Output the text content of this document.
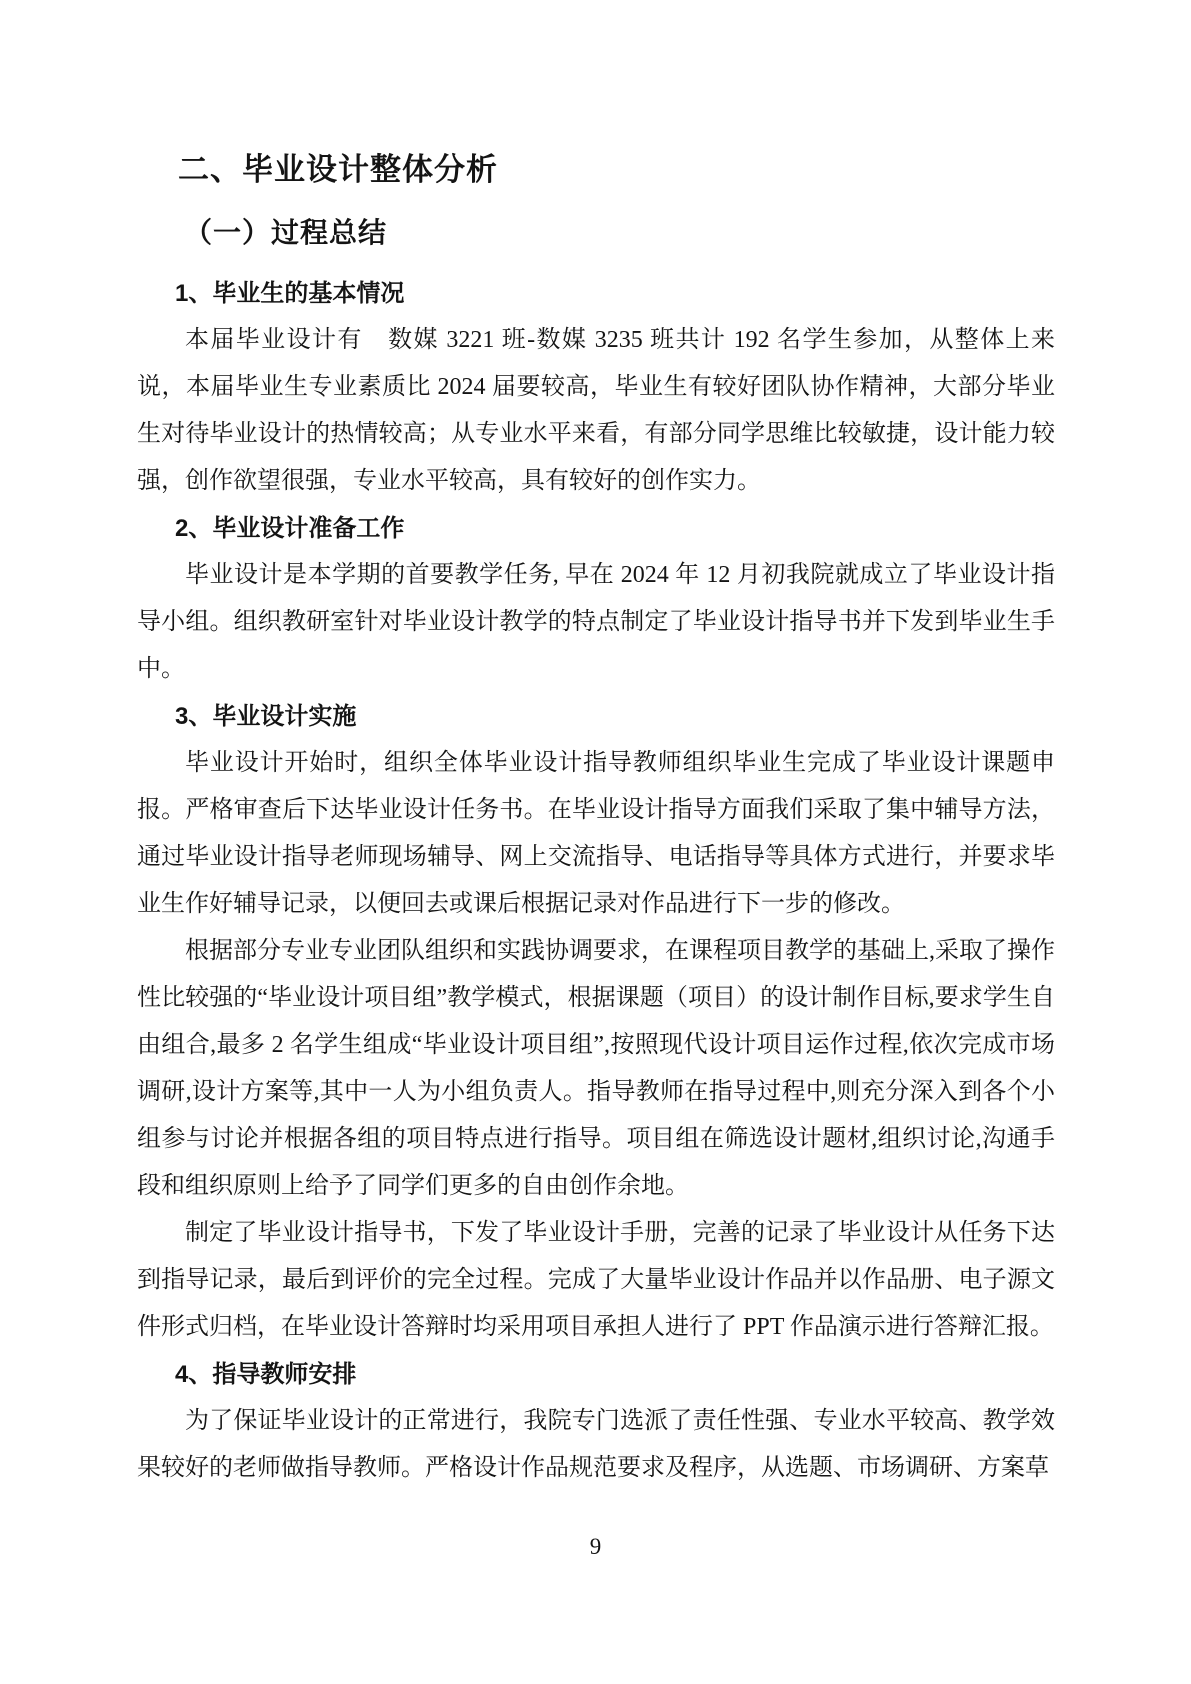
二、毕业设计整体分析
（一）过程总结
1、毕业生的基本情况

本届毕业设计有　数媒 3221 班-数媒 3235 班共计 192 名学生参加，从整体上来说，本届毕业生专业素质比 2024 届要较高，毕业生有较好团队协作精神，大部分毕业生对待毕业设计的热情较高；从专业水平来看，有部分同学思维比较敏捷，设计能力较强，创作欲望很强，专业水平较高，具有较好的创作实力。

2、毕业设计准备工作

毕业设计是本学期的首要教学任务, 早在 2024 年 12 月初我院就成立了毕业设计指导小组。组织教研室针对毕业设计教学的特点制定了毕业设计指导书并下发到毕业生手中。

3、毕业设计实施

毕业设计开始时，组织全体毕业设计指导教师组织毕业生完成了毕业设计课题申报。严格审查后下达毕业设计任务书。在毕业设计指导方面我们采取了集中辅导方法，通过毕业设计指导老师现场辅导、网上交流指导、电话指导等具体方式进行，并要求毕业生作好辅导记录，以便回去或课后根据记录对作品进行下一步的修改。

根据部分专业专业团队组织和实践协调要求，在课程项目教学的基础上,采取了操作性比较强的“毕业设计项目组”教学模式，根据课题（项目）的设计制作目标,要求学生自由组合,最多 2 名学生组成“毕业设计项目组”,按照现代设计项目运作过程,依次完成市场调研,设计方案等,其中一人为小组负责人。指导教师在指导过程中,则充分深入到各个小组参与讨论并根据各组的项目特点进行指导。项目组在筛选设计题材,组织讨论,沟通手段和组织原则上给予了同学们更多的自由创作余地。

制定了毕业设计指导书，下发了毕业设计手册，完善的记录了毕业设计从任务下达到指导记录，最后到评价的完全过程。完成了大量毕业设计作品并以作品册、电子源文件形式归档，在毕业设计答辩时均采用项目承担人进行了 PPT 作品演示进行答辩汇报。

4、指导教师安排

为了保证毕业设计的正常进行，我院专门选派了责任性强、专业水平较高、教学效果较好的老师做指导教师。严格设计作品规范要求及程序，从选题、市场调研、方案草

9
